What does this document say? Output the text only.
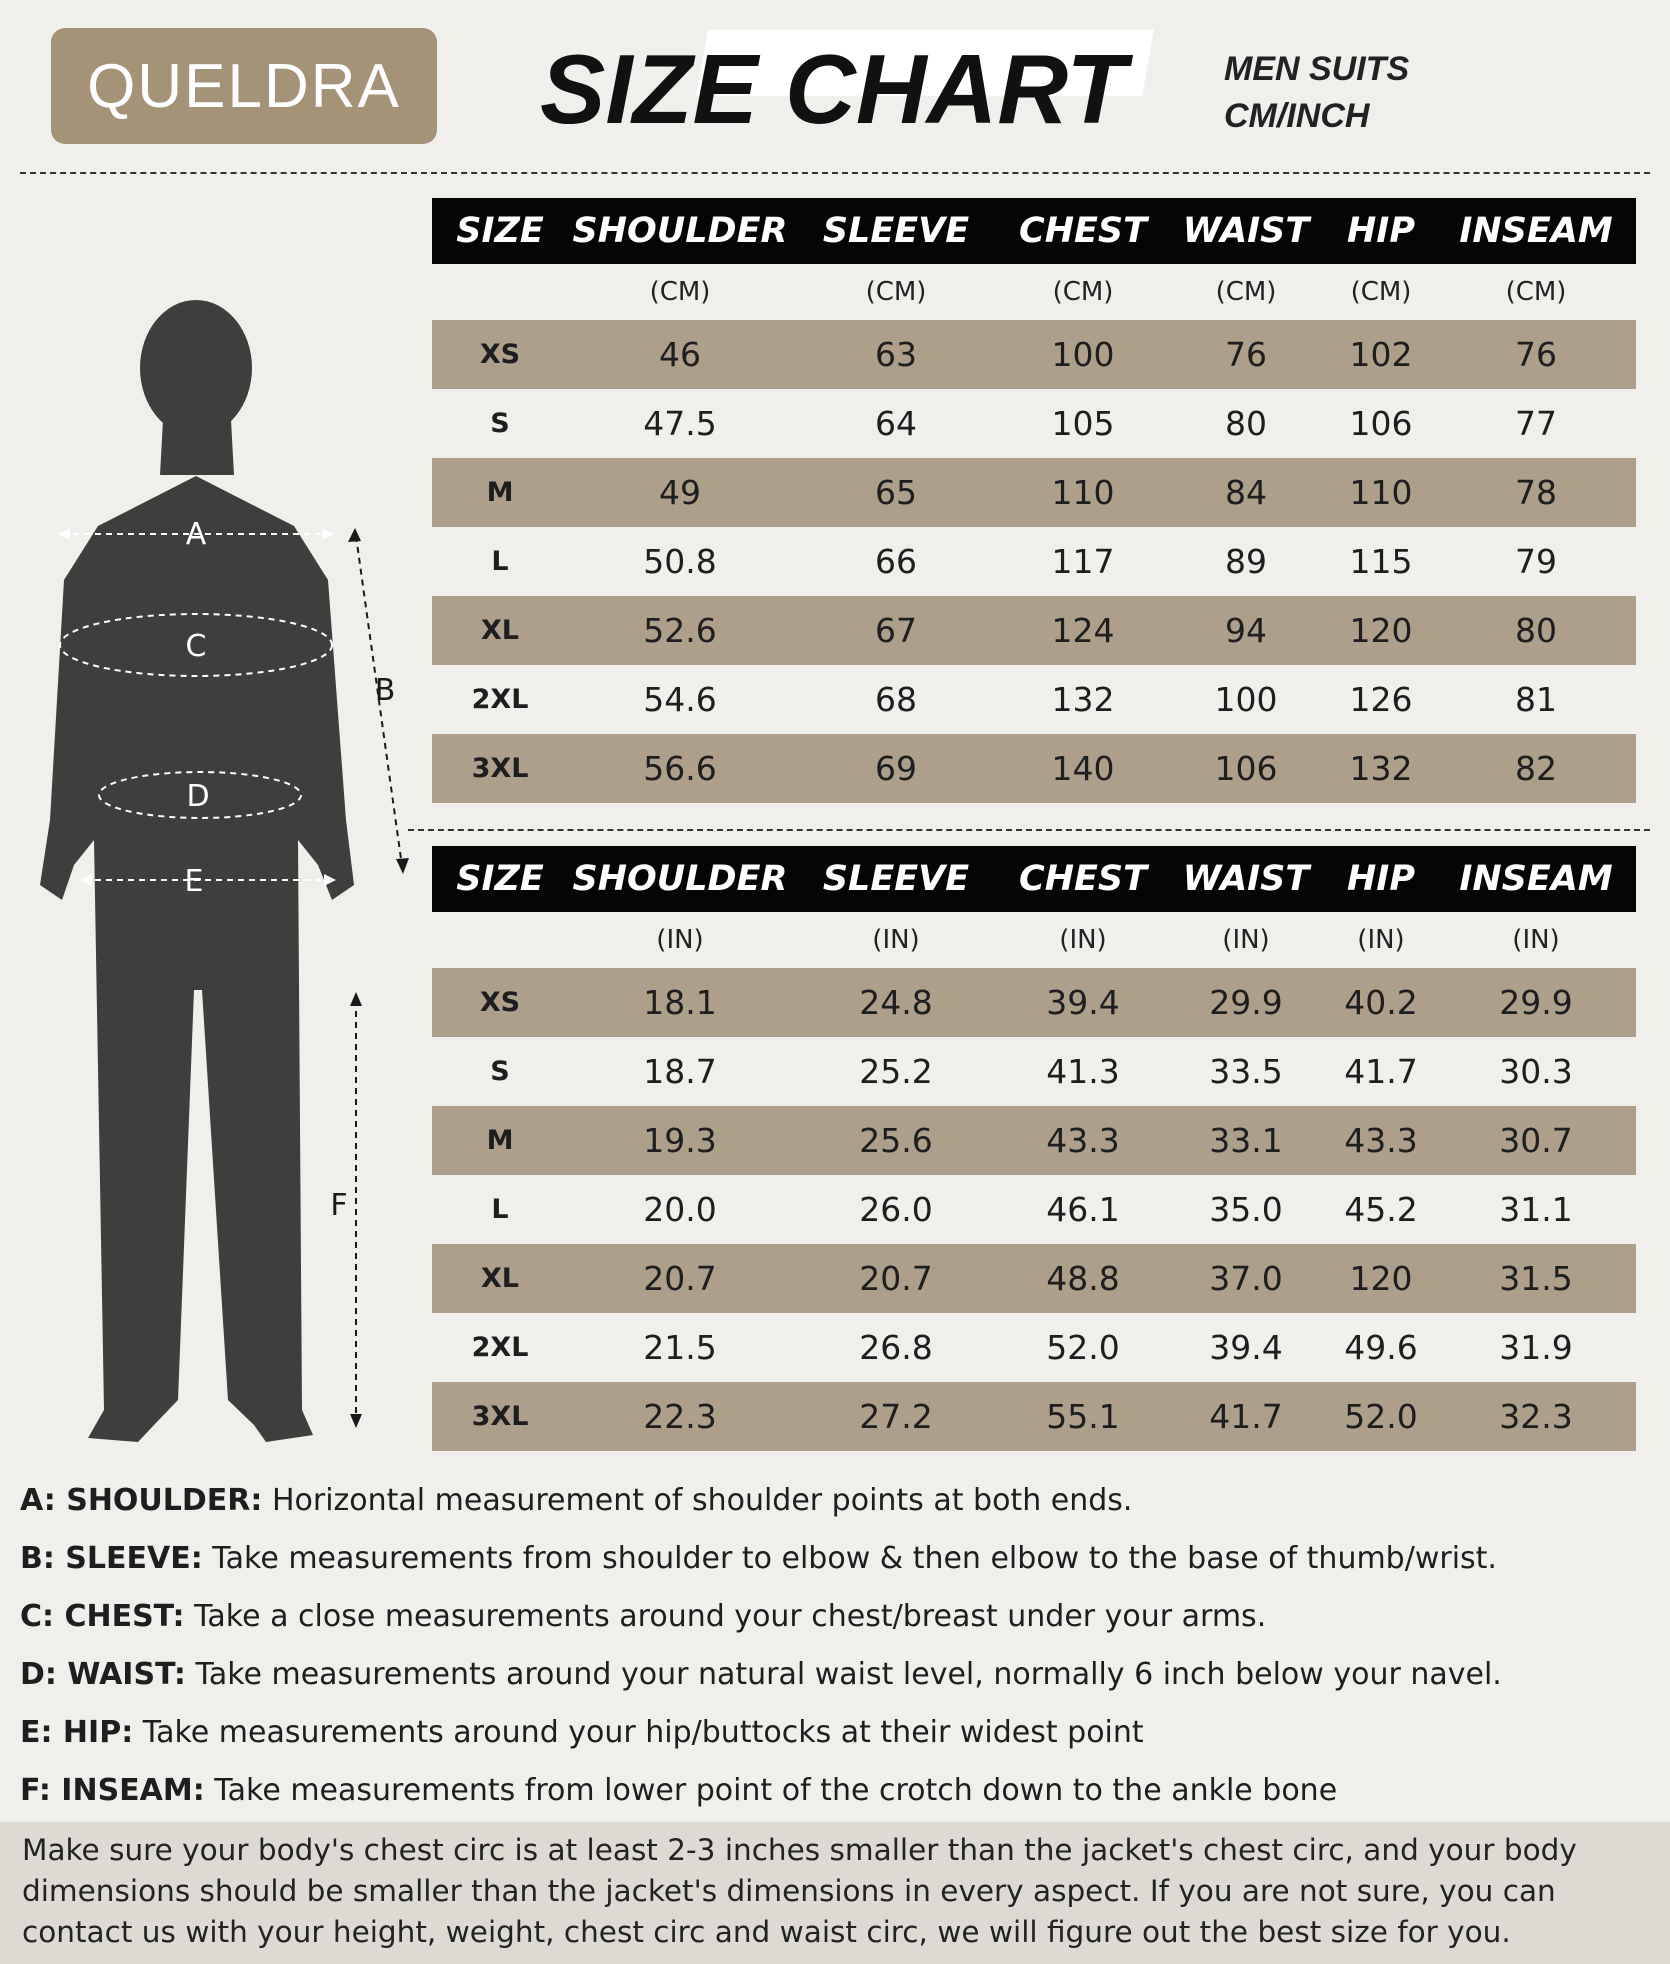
QUELDRA	SIZE CHART	MEN SUITS
CM/INCH
SIZE SHOULDER	SLEEVE	CHEST	WAIST	HIP	INSEAM
(CM)	(CM)	(CM)	(CM)	(CM)	(CM)
XS	46	63	100	76	102	76
S	47.5	64	105	80	106	77
M	49	65	110	84	110	78
L	50.8	66	117	89	115	79
XL	52.6	67	124	94	120	80
2XL	54.6	68	132	100	126	81
3XL	56.6	69	140	106	132	82
SIZE SHOULDER	SLEEVE	CHEST	WAIST	HIP	INSEAM
(IN)	(IN)	(IN)	(IN)	(IN)	(IN)
XS	18.1	24.8	39.4	29.9	40.2	29.9
S	18.7	25.2	41.3	33.5	41.7	30.3
M	19.3	25.6	43.3	33.1	43.3	30.7
L	20.0	26.0	46.1	35.0	45.2	31.1
XL	20.7	20.7	48.8	37.0	120	31.5
2XL	21.5	26.8	52.0	39.4	49.6	31.9
3XL	22.3	27.2	55.1	41.7	52.0	32.3
A
C
D
E
B
F
A: SHOULDER: Horizontal measurement of shoulder points at both ends.
B: SLEEVE: Take measurements from shoulder to elbow & then elbow to the base of thumb/wrist.
C: CHEST: Take a close measurements around your chest/breast under your arms.
D: WAIST: Take measurements around your natural waist level, normally 6 inch below your navel.
E: HIP: Take measurements around your hip/buttocks at their widest point
F: INSEAM: Take measurements from lower point of the crotch down to the ankle bone
Make sure your body's chest circ is at least 2-3 inches smaller than the jacket's chest circ, and your body dimensions should be smaller than the jacket's dimensions in every aspect. If you are not sure, you can contact us with your height, weight, chest circ and waist circ, we will figure out the best size for you.
